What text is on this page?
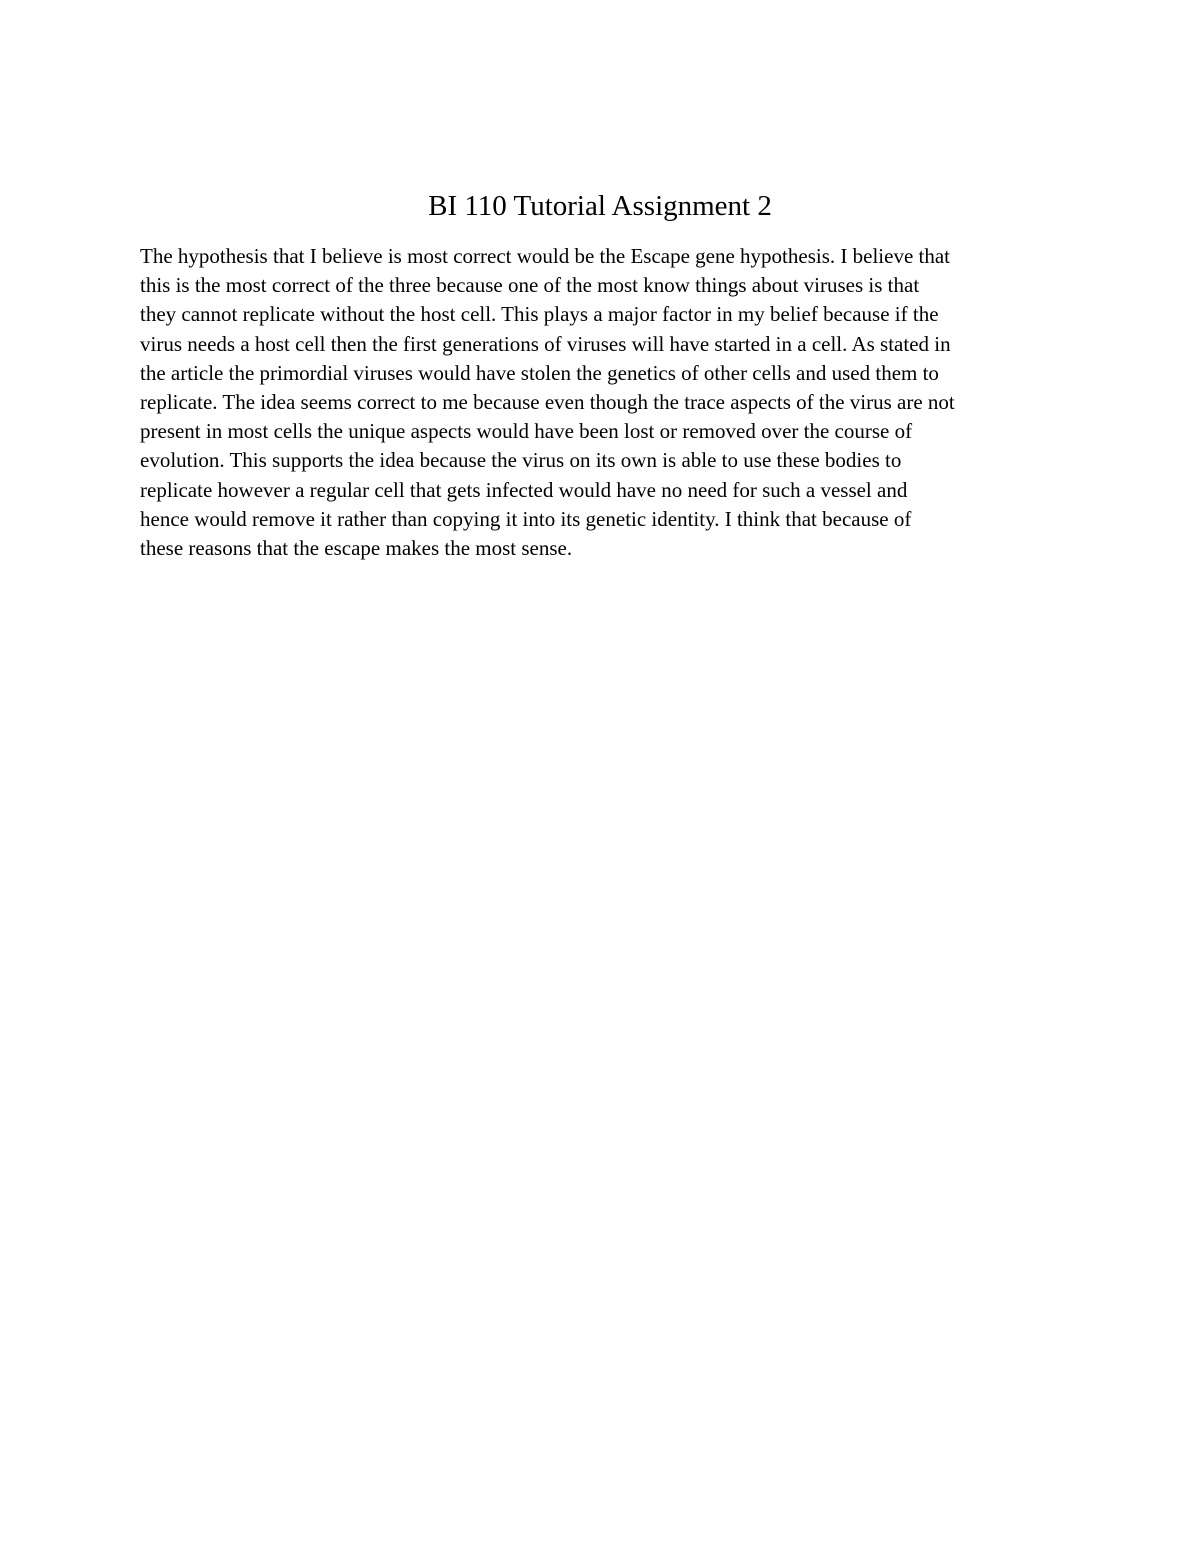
BI 110 Tutorial Assignment 2
The hypothesis that I believe is most correct would be the Escape gene hypothesis. I believe that
this is the most correct of the three because one of the most know things about viruses is that
they cannot replicate without the host cell. This plays a major factor in my belief because if the
virus needs a host cell then the first generations of viruses will have started in a cell. As stated in
the article the primordial viruses would have stolen the genetics of other cells and used them to
replicate. The idea seems correct to me because even though the trace aspects of the virus are not
present in most cells the unique aspects would have been lost or removed over the course of
evolution. This supports the idea because the virus on its own is able to use these bodies to
replicate however a regular cell that gets infected would have no need for such a vessel and
hence would remove it rather than copying it into its genetic identity. I think that because of
these reasons that the escape makes the most sense.
